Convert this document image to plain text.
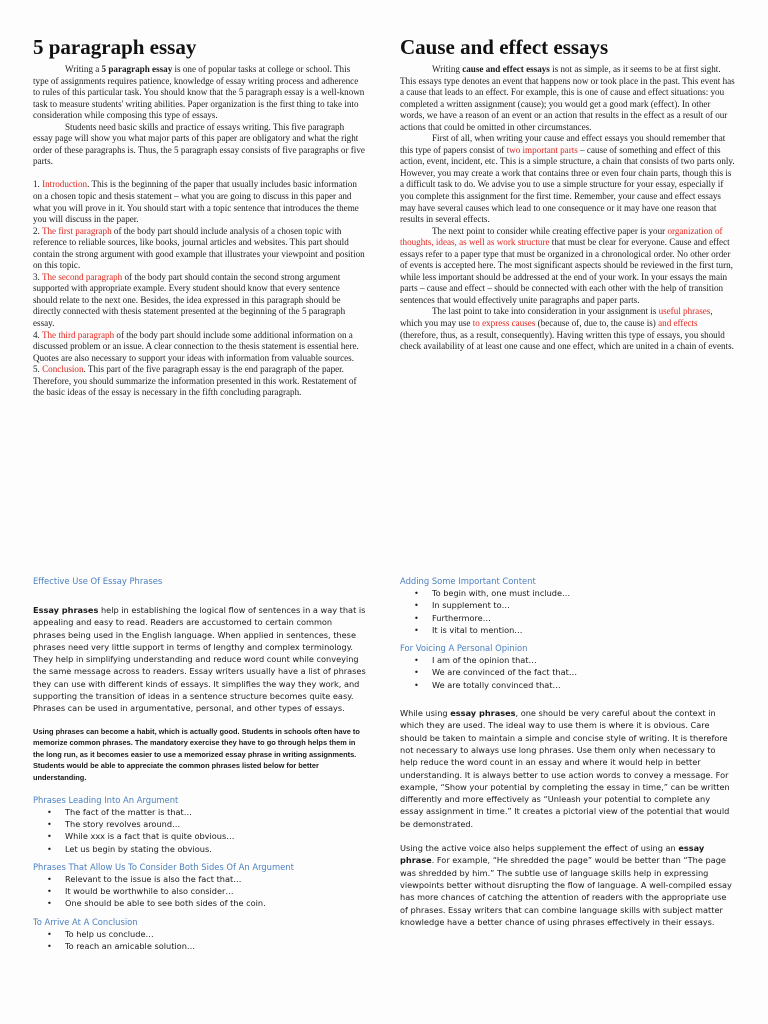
5 paragraph essay

Writing a 5 paragraph essay is one of popular tasks at college or school. This type of assignments requires patience, knowledge of essay writing process and adherence to rules of this particular task. You should know that the 5 paragraph essay is a well-known task to measure students' writing abilities. Paper organization is the first thing to take into consideration while composing this type of essays.

Students need basic skills and practice of essays writing. This five paragraph essay page will show you what major parts of this paper are obligatory and what the right order of these paragraphs is. Thus, the 5 paragraph essay consists of five paragraphs or five parts.

1. Introduction. This is the beginning of the paper that usually includes basic information on a chosen topic and thesis statement – what you are going to discuss in this paper and what you will prove in it. You should start with a topic sentence that introduces the theme you will discuss in the paper.

2. The first paragraph of the body part should include analysis of a chosen topic with reference to reliable sources, like books, journal articles and websites. This part should contain the strong argument with good example that illustrates your viewpoint and position on this topic.

3. The second paragraph of the body part should contain the second strong argument supported with appropriate example. Every student should know that every sentence should relate to the next one. Besides, the idea expressed in this paragraph should be directly connected with thesis statement presented at the beginning of the 5 paragraph essay.

4. The third paragraph of the body part should include some additional information on a discussed problem or an issue. A clear connection to the thesis statement is essential here. Quotes are also necessary to support your ideas with information from valuable sources.

5. Conclusion. This part of the five paragraph essay is the end paragraph of the paper. Therefore, you should summarize the information presented in this work. Restatement of the basic ideas of the essay is necessary in the fifth concluding paragraph.

Cause and effect essays

Writing cause and effect essays is not as simple, as it seems to be at first sight. This essays type denotes an event that happens now or took place in the past. This event has a cause that leads to an effect. For example, this is one of cause and effect situations: you completed a written assignment (cause); you would get a good mark (effect). In other words, we have a reason of an event or an action that results in the effect as a result of our actions that could be omitted in other circumstances.

First of all, when writing your cause and effect essays you should remember that this type of papers consist of two important parts – cause of something and effect of this action, event, incident, etc. This is a simple structure, a chain that consists of two parts only. However, you may create a work that contains three or even four chain parts, though this is a difficult task to do. We advise you to use a simple structure for your essay, especially if you complete this assignment for the first time. Remember, your cause and effect essays may have several causes which lead to one consequence or it may have one reason that results in several effects.

The next point to consider while creating effective paper is your organization of thoughts, ideas, as well as work structure that must be clear for everyone. Cause and effect essays refer to a paper type that must be organized in a chronological order. No other order of events is accepted here. The most significant aspects should be reviewed in the first turn, while less important should be addressed at the end of your work. In your essays the main parts – cause and effect – should be connected with each other with the help of transition sentences that would effectively unite paragraphs and paper parts.

The last point to take into consideration in your assignment is useful phrases, which you may use to express causes (because of, due to, the cause is) and effects (therefore, thus, as a result, consequently). Having written this type of essays, you should check availability of at least one cause and one effect, which are united in a chain of events.

Effective Use Of Essay Phrases

Essay phrases help in establishing the logical flow of sentences in a way that is appealing and easy to read. Readers are accustomed to certain common phrases being used in the English language. When applied in sentences, these phrases need very little support in terms of lengthy and complex terminology. They help in simplifying understanding and reduce word count while conveying the same message across to readers. Essay writers usually have a list of phrases they can use with different kinds of essays. It simplifies the way they work, and supporting the transition of ideas in a sentence structure becomes quite easy. Phrases can be used in argumentative, personal, and other types of essays.

Using phrases can become a habit, which is actually good. Students in schools often have to memorize common phrases. The mandatory exercise they have to go through helps them in the long run, as it becomes easier to use a memorized essay phrase in writing assignments. Students would be able to appreciate the common phrases listed below for better understanding.

Phrases Leading Into An Argument

• The fact of the matter is that…
• The story revolves around…
• While xxx is a fact that is quite obvious…
• Let us begin by stating the obvious.

Phrases That Allow Us To Consider Both Sides Of An Argument

• Relevant to the issue is also the fact that…
• It would be worthwhile to also consider…
• One should be able to see both sides of the coin.

To Arrive At A Conclusion

• To help us conclude…
• To reach an amicable solution…

Adding Some Important Content

• To begin with, one must include…
• In supplement to…
• Furthermore…
• It is vital to mention…

For Voicing A Personal Opinion

• I am of the opinion that…
• We are convinced of the fact that…
• We are totally convinced that…

While using essay phrases, one should be very careful about the context in which they are used. The ideal way to use them is where it is obvious. Care should be taken to maintain a simple and concise style of writing. It is therefore not necessary to always use long phrases. Use them only when necessary to help reduce the word count in an essay and where it would help in better understanding. It is always better to use action words to convey a message. For example, “Show your potential by completing the essay in time,” can be written differently and more effectively as “Unleash your potential to complete any essay assignment in time.” It creates a pictorial view of the potential that would be demonstrated.

Using the active voice also helps supplement the effect of using an essay phrase. For example, “He shredded the page” would be better than “The page was shredded by him.” The subtle use of language skills help in expressing viewpoints better without disrupting the flow of language. A well-compiled essay has more chances of catching the attention of readers with the appropriate use of phrases. Essay writers that can combine language skills with subject matter knowledge have a better chance of using phrases effectively in their essays.
